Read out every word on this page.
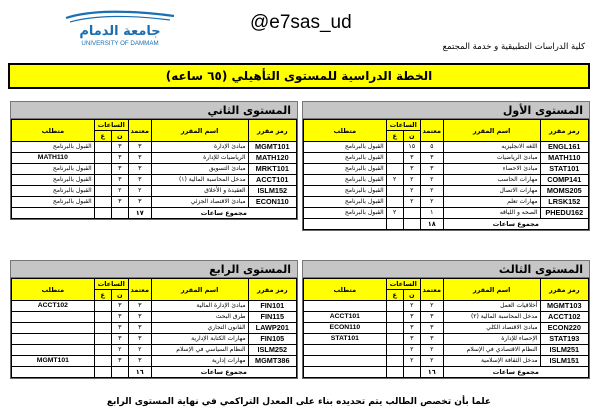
جامعة الدمام
UNIVERSITY OF DAMMAM
@e7sas_ud
كلية الدراسات التطبيقية و خدمة المجتمع
الخطة الدراسية للمستوى التأهيلي (٦٥ ساعه)
المستوى الأول
رمز مقرر	اسم المقرر	معتمد	الساعات		متطلب
			ن	ع	
ENGL161	اللغه الانجليزيه	٥	١٥		القبول بالبرنامج
MATH110	مبادئ الرياضيات	٣	٣		القبول بالبرنامج
STAT101	مبادئ الاحصاء	٣	٣		القبول بالبرنامج
COMP141	مهارات الحاسب	٢	٢	٢	القبول بالبرنامج
MOMS205	مهارات الاتصال	٢	٢		القبول بالبرنامج
LRSK152	مهارات تعلم	٢	٢		القبول بالبرنامج
PHEDU162	الصحه و اللياقه	١		٢	القبول بالبرنامج
مجموع ساعات		١٨			
المستوى الثاني
رمز مقرر	اسم المقرر	معتمد	الساعات		متطلب
			ن	ع	
MGMT101	مبادئ الإدارة	٣	٣		القبول بالبرنامج
MATH120	الرياضيات للإدارة	٣	٣		MATH110
MRKT101	مبادئ التسويق	٣	٣		القبول بالبرنامج
ACCT101	مدخل المحاسبة المالية (١)	٣	٣		القبول بالبرنامج
ISLM152	العقيدة و الأخلاق	٢	٢		القبول بالبرنامج
ECON110	مبادئ الاقتصاد الجزئي	٣	٣		القبول بالبرنامج
مجموع ساعات		١٧			
المستوى الثالث
رمز مقرر	اسم المقرر	معتمد	الساعات		متطلب
			ن	ع	
MGMT103	أخلاقيات العمل	٢	٢		
ACCT102	مدخل المحاسبة المالية (٢)	٣	٣		ACCT101
ECON220	مبادئ الاقتصاد الكلي	٣	٣		ECON110
STAT193	الإحصاء للإدارة	٣	٣		STAT101
ISLM251	النظام الاقتصادي في الإسلام	٢	٢		
ISLM151	مدخل الثقافة الإسلامية	٢	٢		
مجموع ساعات		١٦			
المستوى الرابع
رمز مقرر	اسم المقرر	معتمد	الساعات		متطلب
			ن	ع	
FIN101	مبادئ الإدارة المالية	٣	٣		ACCT102
FIN115	طرق البحث	٣	٣		
LAWP201	القانون التجاري	٣	٣		
FIN105	مهارات الكتابة الإدارية	٣	٣		
ISLM252	النظام السياسي في الإسلام	٢	٢		
MGMT386	مهارات إدارية	٣	٣		MGMT101
مجموع ساعات		١٦			
علما بأن تخصص الطالب يتم تحديده بناء على المعدل التراكمي في نهاية المستوى الرابع
